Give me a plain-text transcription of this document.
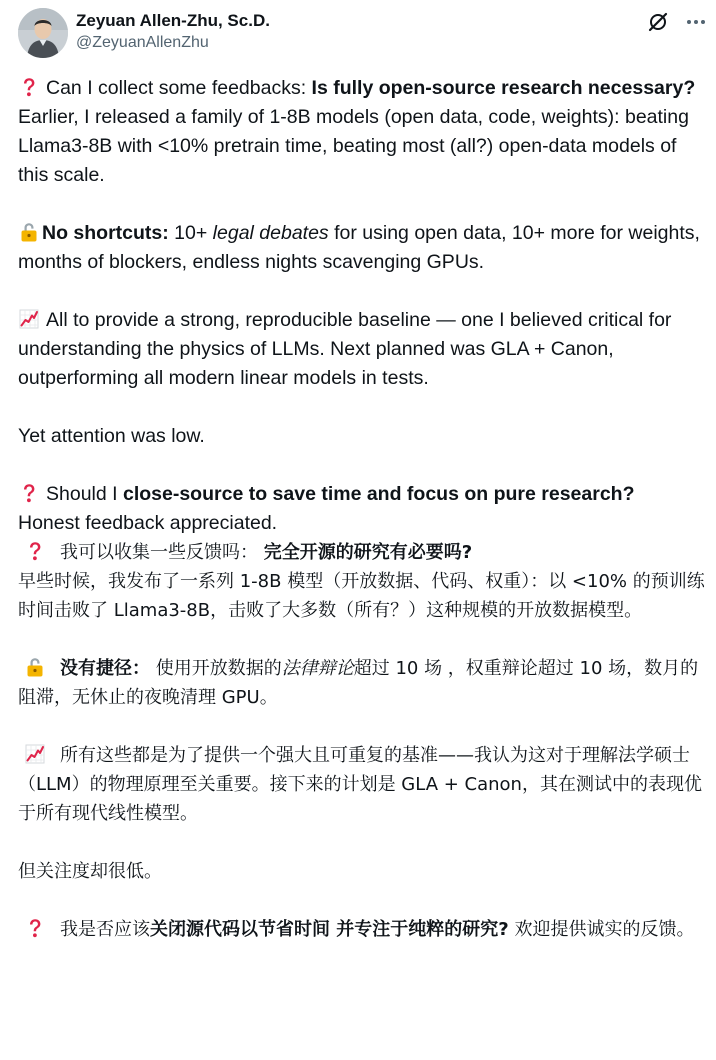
Zeyuan Allen-Zhu, Sc.D.
@ZeyuanAllenZhu

Can I collect some feedbacks: Is fully open-source research necessary?

Earlier, I released a family of 1-8B models (open data, code, weights): beating Llama3-8B with <10% pretrain time, beating most (all?) open-data models of this scale.

No shortcuts: 10+ legal debates for using open data, 10+ more for weights, months of blockers, endless nights scavenging GPUs.

All to provide a strong, reproducible baseline — one I believed critical for understanding the physics of LLMs. Next planned was GLA + Canon, outperforming all modern linear models in tests.

Yet attention was low.

Should I close-source to save time and focus on pure research?

Honest feedback appreciated.

我可以收集一些反馈吗： 完全开源的研究有必要吗?

早些时候，我发布了一系列 1-8B 模型（开放数据、代码、权重）：以 <10% 的预训练时间击败了 Llama3-8B，击败了大多数（所有？）这种规模的开放数据模型。

没有捷径： 使用开放数据的法律辩论超过 10 场 ，权重辩论超过 10 场，数月的阻滞，无休止的夜晚清理 GPU。

所有这些都是为了提供一个强大且可重复的基准——我认为这对于理解法学硕士（LLM）的物理原理至关重要。接下来的计划是 GLA + Canon，其在测试中的表现优于所有现代线性模型。

但关注度却很低。

我是否应该关闭源代码以节省时间 并专注于纯粹的研究? 欢迎提供诚实的反馈。
